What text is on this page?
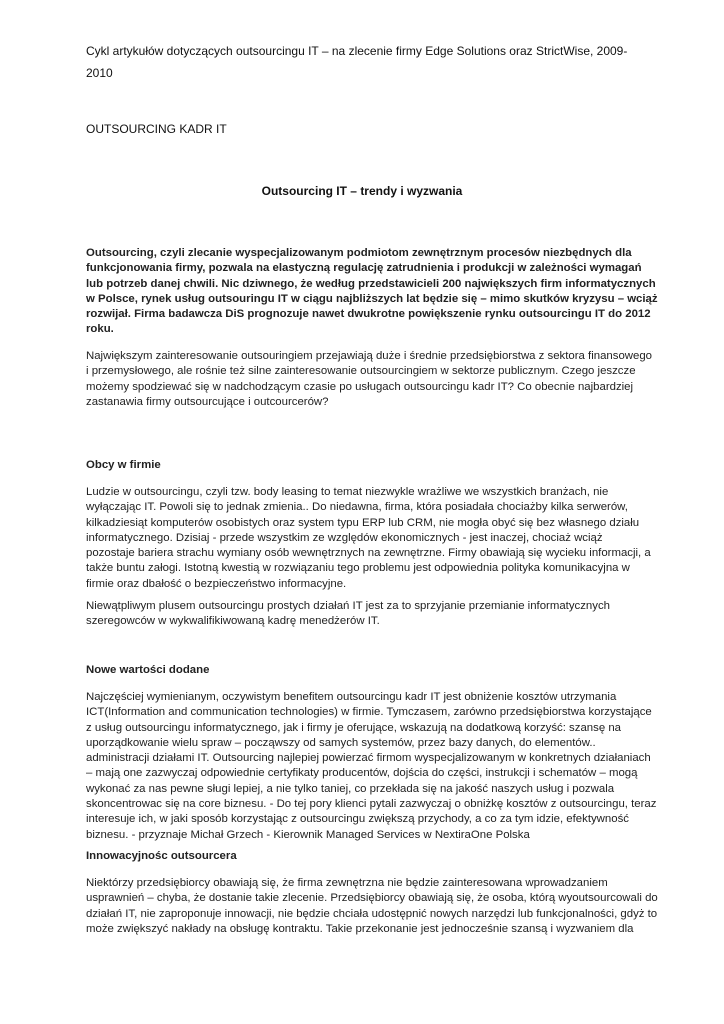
Cykl artykułów dotyczących outsourcingu IT – na zlecenie firmy Edge Solutions oraz StrictWise, 2009-
2010
OUTSOURCING KADR IT
Outsourcing IT – trendy i wyzwania
Outsourcing, czyli zlecanie wyspecjalizowanym podmiotom zewnętrznym procesów niezbędnych dla
funkcjonowania firmy, pozwala na elastyczną regulację zatrudnienia i produkcji w zależności wymagań
lub potrzeb danej chwili. Nic dziwnego, że według przedstawicieli 200 największych firm informatycznych
w Polsce, rynek usług outsouringu IT w ciągu najbliższych lat będzie się – mimo skutków kryzysu – wciąż
rozwijał. Firma badawcza DiS prognozuje nawet dwukrotne powiększenie rynku outsourcingu IT do 2012
roku.
Największym zainteresowanie outsouringiem przejawiają duże i średnie przedsiębiorstwa z sektora finansowego
i przemysłowego, ale rośnie też silne zainteresowanie outsourcingiem w sektorze publicznym. Czego jeszcze
możemy spodziewać się w nadchodzącym czasie po usługach outsourcingu kadr IT? Co obecnie najbardziej
zastanawia firmy outsourcujące i outcourcerów?
Obcy w firmie
Ludzie w outsourcingu, czyli tzw. body leasing to temat niezwykle wrażliwe we wszystkich branżach, nie
wyłączając IT. Powoli się to jednak zmienia.. Do niedawna, firma, która posiadała chociażby kilka serwerów,
kilkadziesiąt komputerów osobistych oraz system typu ERP lub CRM, nie mogła obyć się bez własnego działu
informatycznego. Dzisiaj - przede wszystkim ze względów ekonomicznych - jest inaczej, chociaż wciąż
pozostaje bariera strachu wymiany osób wewnętrznych na zewnętrzne. Firmy obawiają się wycieku informacji, a
także buntu załogi. Istotną kwestią w rozwiązaniu tego problemu jest odpowiednia polityka komunikacyjna w
firmie oraz dbałość o bezpieczeństwo informacyjne.
Niewątpliwym plusem outsourcingu prostych działań IT jest za to sprzyjanie przemianie informatycznych
szeregowców w wykwalifikiwowaną kadrę menedżerów IT.
Nowe wartości dodane
Najczęściej wymienianym, oczywistym benefitem outsourcingu kadr IT jest obniżenie kosztów utrzymania
ICT(Information and communication technologies) w firmie. Tymczasem, zarówno przedsiębiorstwa korzystające
z usług outsourcingu informatycznego, jak i firmy je oferujące, wskazują na dodatkową korzyść: szansę na
uporządkowanie wielu spraw – począwszy od samych systemów, przez bazy danych, do elementów..
administracji działami IT. Outsourcing najlepiej powierzać firmom wyspecjalizowanym w konkretnych działaniach
– mają one zazwyczaj odpowiednie certyfikaty producentów, dojścia do części, instrukcji i schematów – mogą
wykonać za nas pewne sługi lepiej, a nie tylko taniej, co przekłada się na jakość naszych usług i pozwala
skoncentrowac się na core biznesu. - Do tej pory klienci pytali zazwyczaj o obniżkę kosztów z outsourcingu, teraz
interesuje ich, w jaki sposób korzystając z outsourcingu zwiększą przychody, a co za tym idzie, efektywność
biznesu. - przyznaje Michał Grzech - Kierownik Managed Services w NextiraOne Polska
Innowacyjnośc outsourcera
Niektórzy przedsiębiorcy obawiają się, że firma zewnętrzna nie będzie zainteresowana wprowadzaniem
usprawnień – chyba, że dostanie takie zlecenie. Przedsiębiorcy obawiają się, że osoba, którą wyoutsourcowali do
działań IT, nie zaproponuje innowacji, nie będzie chciała udostępnić nowych narzędzi lub funkcjonalności, gdyż to
może zwiększyć nakłady na obsługę kontraktu. Takie przekonanie jest jednocześnie szansą i wyzwaniem dla
